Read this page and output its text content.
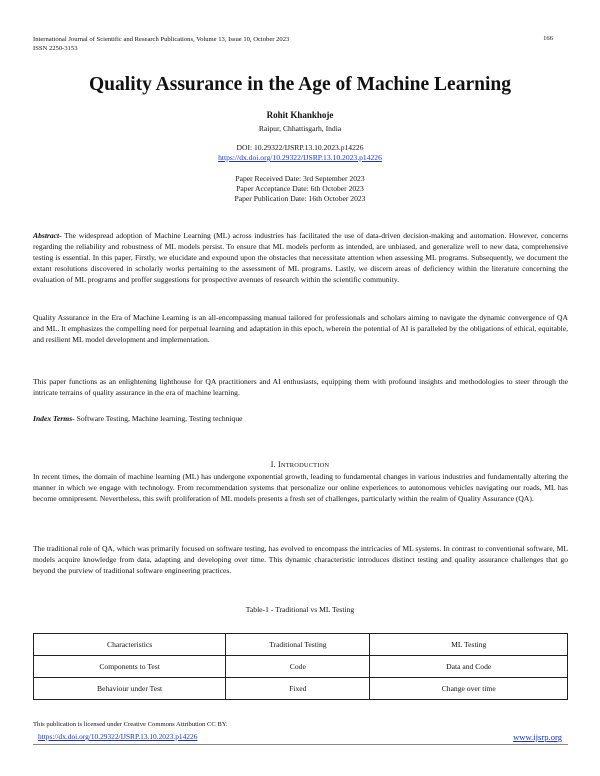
International Journal of Scientific and Research Publications, Volume 13, Issue 10, October 2023
ISSN 2250-3153
166
Quality Assurance in the Age of Machine Learning
Rohit Khankhoje
Raipur, Chhattisgarh, India
DOI: 10.29322/IJSRP.13.10.2023.p14226
https://dx.doi.org/10.29322/IJSRP.13.10.2023.p14226
Paper Received Date: 3rd September 2023
Paper Acceptance Date: 6th October 2023
Paper Publication Date: 16th October 2023
Abstract- The widespread adoption of Machine Learning (ML) across industries has facilitated the use of data-driven decision-making and automation. However, concerns regarding the reliability and robustness of ML models persist. To ensure that ML models perform as intended, are unbiased, and generalize well to new data, comprehensive testing is essential. In this paper, Firstly, we elucidate and expound upon the obstacles that necessitate attention when assessing ML programs. Subsequently, we document the extant resolutions discovered in scholarly works pertaining to the assessment of ML programs. Lastly, we discern areas of deficiency within the literature concerning the evaluation of ML programs and proffer suggestions for prospective avenues of research within the scientific community.
Quality Assurance in the Era of Machine Learning is an all-encompassing manual tailored for professionals and scholars aiming to navigate the dynamic convergence of QA and ML. It emphasizes the compelling need for perpetual learning and adaptation in this epoch, wherein the potential of AI is paralleled by the obligations of ethical, equitable, and resilient ML model development and implementation.
This paper functions as an enlightening lighthouse for QA practitioners and AI enthusiasts, equipping them with profound insights and methodologies to steer through the intricate terrains of quality assurance in the era of machine learning.
Index Terms- Software Testing, Machine learning, Testing technique
I. INTRODUCTION
In recent times, the domain of machine learning (ML) has undergone exponential growth, leading to fundamental changes in various industries and fundamentally altering the manner in which we engage with technology. From recommendation systems that personalize our online experiences to autonomous vehicles navigating our roads, ML has become omnipresent. Nevertheless, this swift proliferation of ML models presents a fresh set of challenges, particularly within the realm of Quality Assurance (QA).
The traditional role of QA, which was primarily focused on software testing, has evolved to encompass the intricacies of ML systems. In contrast to conventional software, ML models acquire knowledge from data, adapting and developing over time. This dynamic characteristic introduces distinct testing and quality assurance challenges that go beyond the purview of traditional software engineering practices.
Table-1 - Traditional vs ML Testing
Characteristics	Traditional Testing	ML Testing
Components to Test	Code	Data and Code
Behaviour under Test	Fixed	Change over time
This publication is licensed under Creative Commons Attribution CC BY.
https://dx.doi.org/10.29322/IJSRP.13.10.2023.p14226	www.ijsrp.org
